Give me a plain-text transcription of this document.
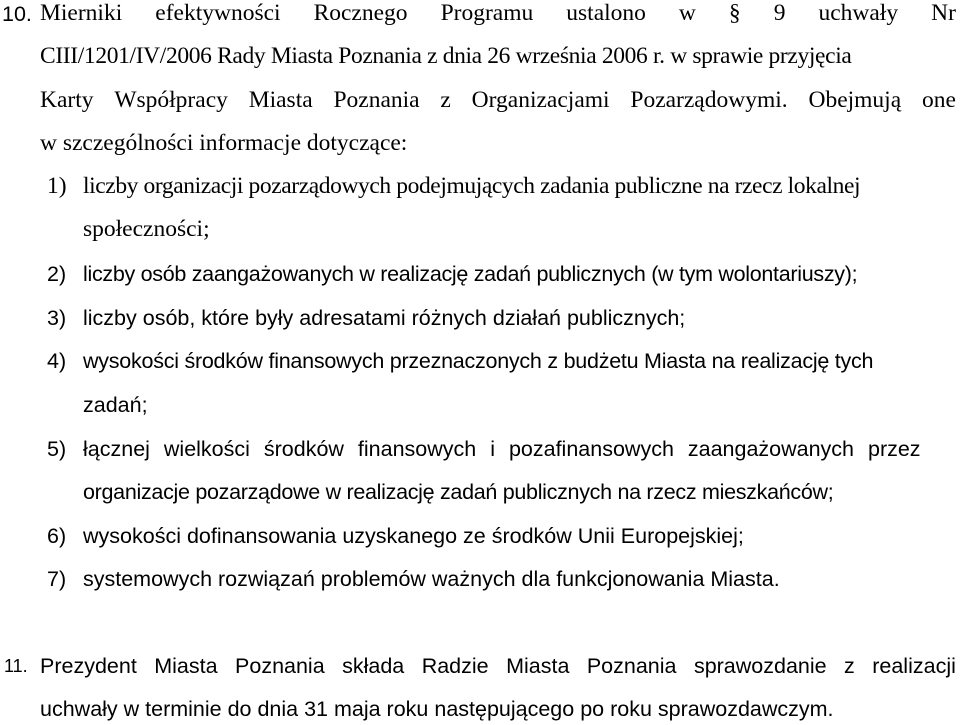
10. Mierniki efektywności Rocznego Programu ustalono w § 9 uchwały Nr
CIII/1201/IV/2006 Rady Miasta Poznania z dnia 26 września 2006 r. w sprawie przyjęcia
Karty Współpracy Miasta Poznania z Organizacjami Pozarządowymi. Obejmują one
w szczególności informacje dotyczące:
1) liczby organizacji pozarządowych podejmujących zadania publiczne na rzecz lokalnej
społeczności;
2) liczby osób zaangażowanych w realizację zadań publicznych (w tym wolontariuszy);
3) liczby osób, które były adresatami różnych działań publicznych;
4) wysokości środków finansowych przeznaczonych z budżetu Miasta na realizację tych
zadań;
5) łącznej wielkości środków finansowych i pozafinansowych zaangażowanych przez
organizacje pozarządowe w realizację zadań publicznych na rzecz mieszkańców;
6) wysokości dofinansowania uzyskanego ze środków Unii Europejskiej;
7) systemowych rozwiązań problemów ważnych dla funkcjonowania Miasta.
11. Prezydent Miasta Poznania składa Radzie Miasta Poznania sprawozdanie z realizacji
uchwały w terminie do dnia 31 maja roku następującego po roku sprawozdawczym.
